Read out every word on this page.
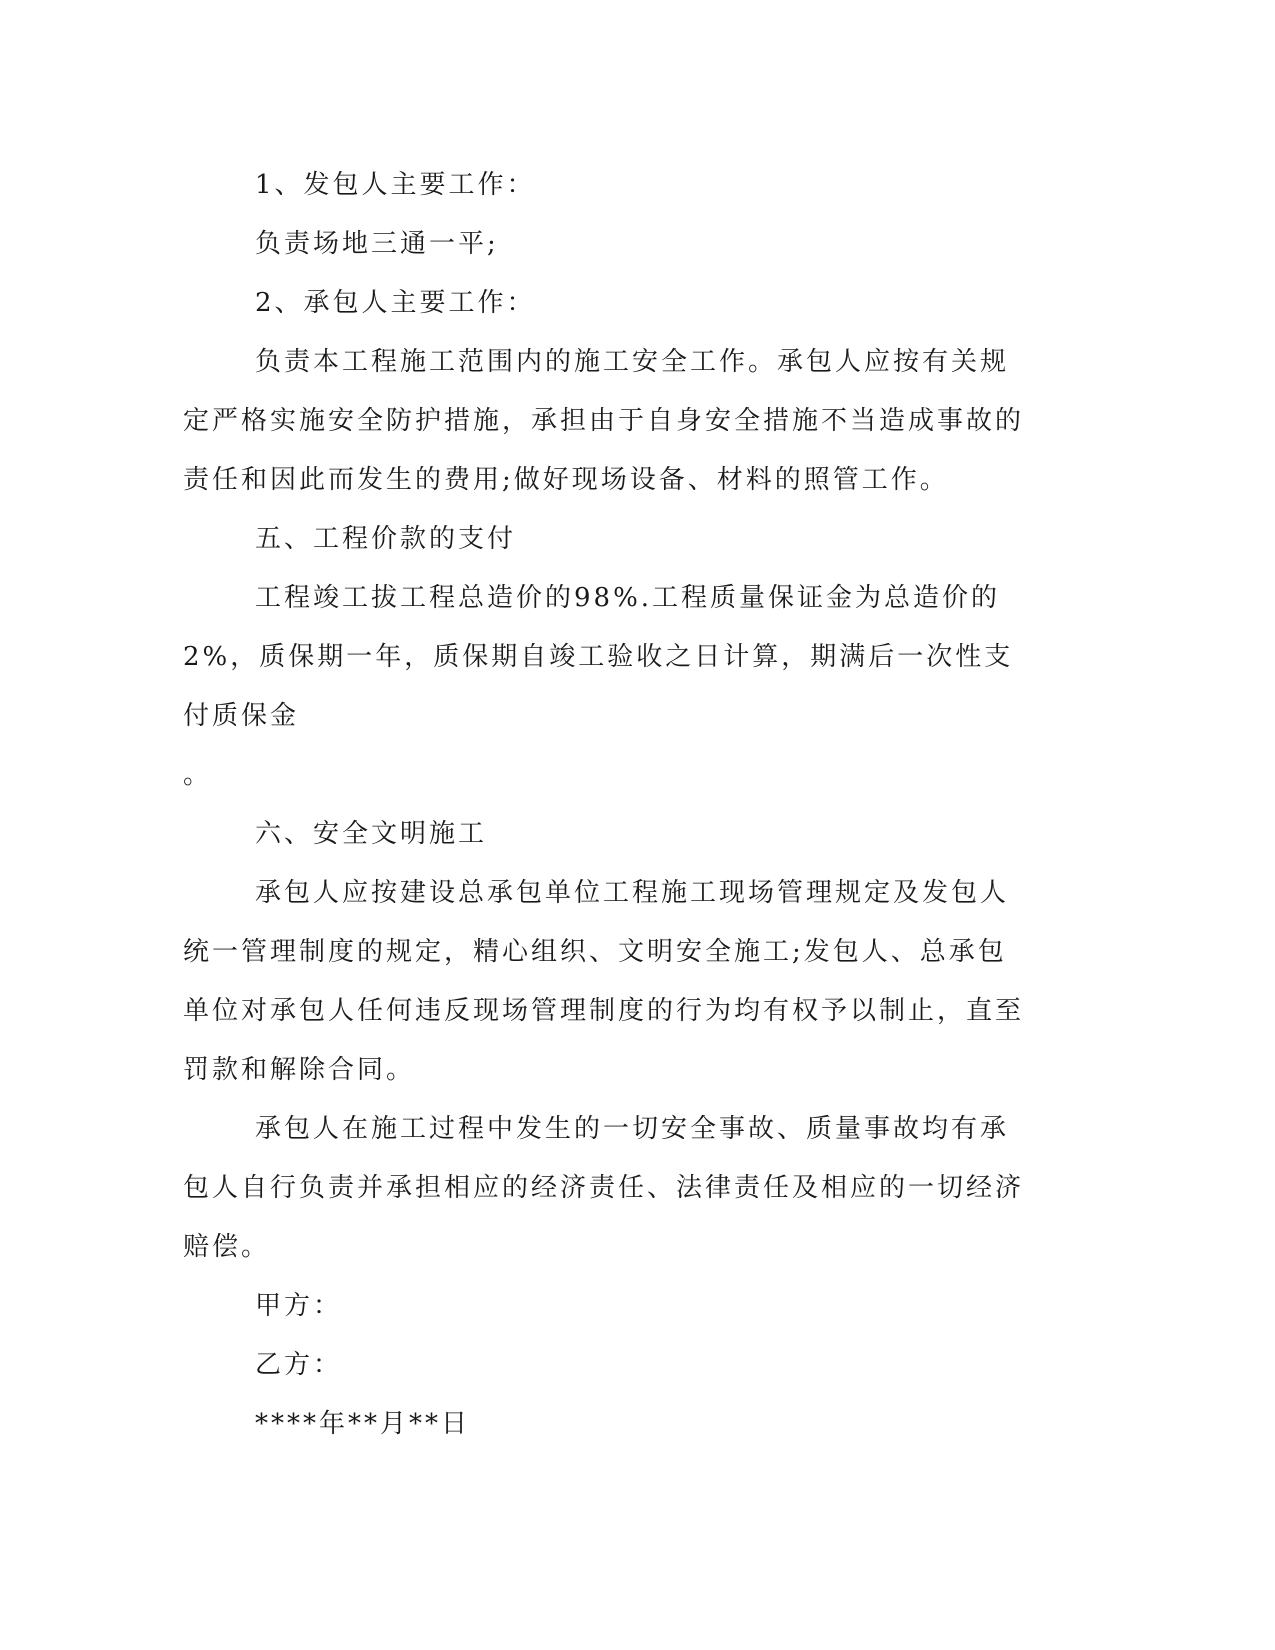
1、发包人主要工作：

负责场地三通一平;

2、承包人主要工作：

负责本工程施工范围内的施工安全工作。承包人应按有关规定严格实施安全防护措施，承担由于自身安全措施不当造成事故的责任和因此而发生的费用;做好现场设备、材料的照管工作。

五、工程价款的支付

工程竣工拔工程总造价的98%.工程质量保证金为总造价的2%，质保期一年，质保期自竣工验收之日计算，期满后一次性支付质保金

。

六、安全文明施工

承包人应按建设总承包单位工程施工现场管理规定及发包人统一管理制度的规定，精心组织、文明安全施工;发包人、总承包单位对承包人任何违反现场管理制度的行为均有权予以制止，直至罚款和解除合同。

承包人在施工过程中发生的一切安全事故、质量事故均有承包人自行负责并承担相应的经济责任、法律责任及相应的一切经济赔偿。

甲方：

乙方：

****年**月**日
